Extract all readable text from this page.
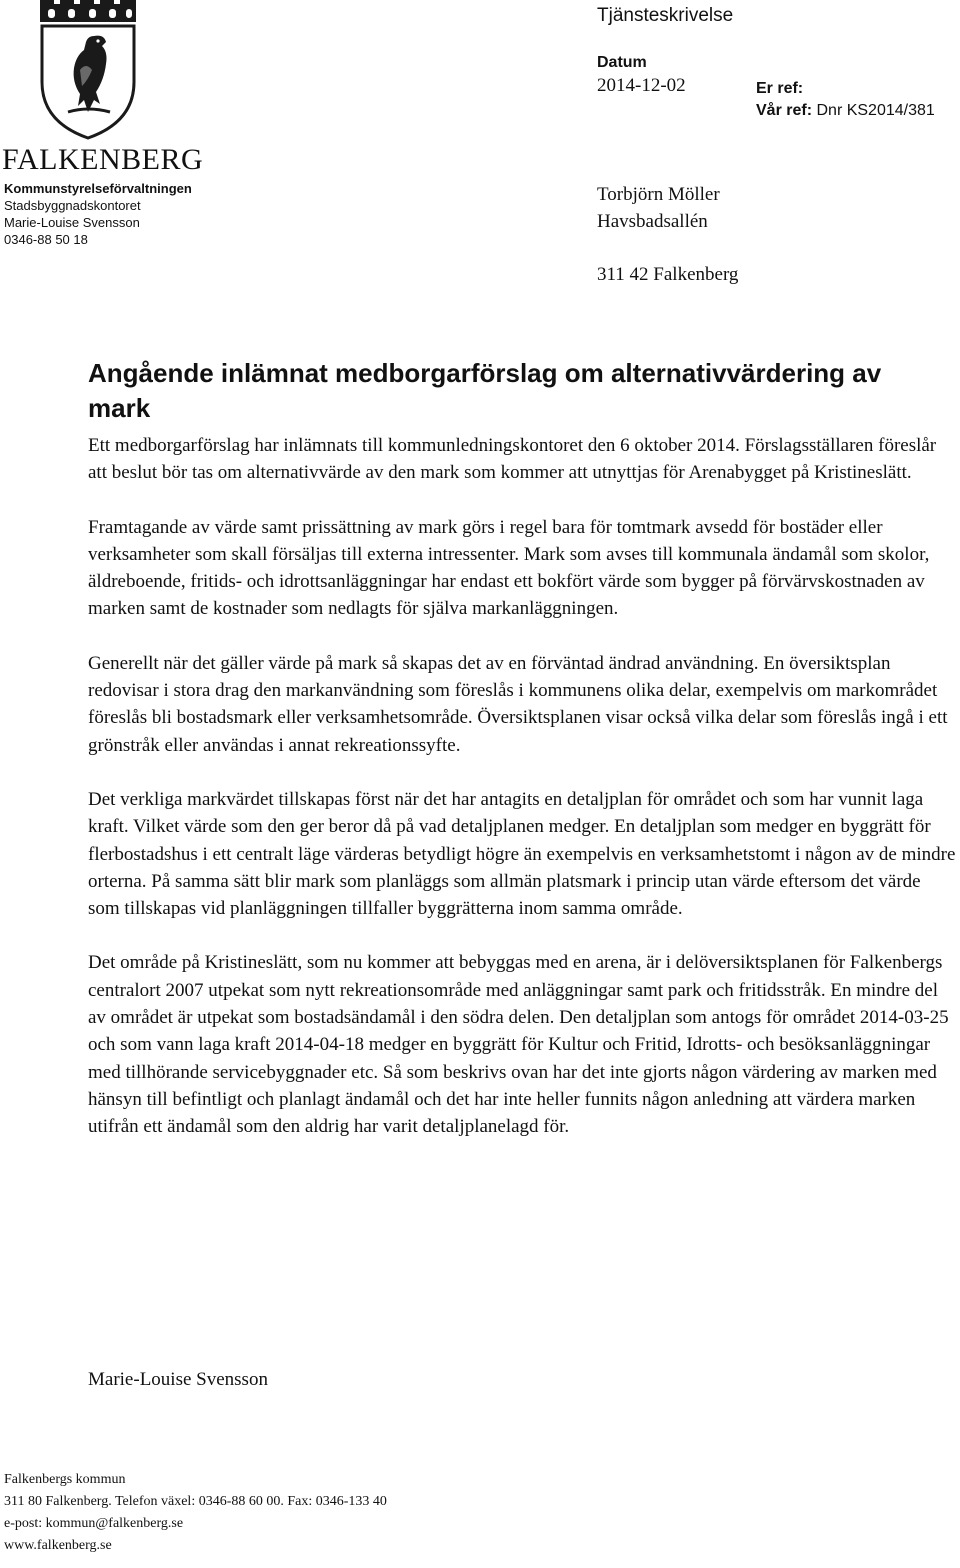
FALKENBERG
Kommunstyrelseförvaltningen
Stadsbyggnadskontoret
Marie-Louise Svensson
0346-88 50 18
Tjänsteskrivelse
Datum
2014-12-02	Er ref:
Vår ref: Dnr KS2014/381
Torbjörn Möller
Havsbadsallén
311 42 Falkenberg
Angående inlämnat medborgarförslag om alternativvärdering av mark

Ett medborgarförslag har inlämnats till kommunledningskontoret den 6 oktober 2014. Förslagsställaren föreslår att beslut bör tas om alternativvärde av den mark som kommer att utnyttjas för Arenabygget på Kristineslätt.

Framtagande av värde samt prissättning av mark görs i regel bara för tomtmark avsedd för bostäder eller verksamheter som skall försäljas till externa intressenter. Mark som avses till kommunala ändamål som skolor, äldreboende, fritids- och idrottsanläggningar har endast ett bokfört värde som bygger på förvärvskostnaden av marken samt de kostnader som nedlagts för själva markanläggningen.

Generellt när det gäller värde på mark så skapas det av en förväntad ändrad användning. En översiktsplan redovisar i stora drag den markanvändning som föreslås i kommunens olika delar, exempelvis om markområdet föreslås bli bostadsmark eller verksamhetsområde. Översiktsplanen visar också vilka delar som föreslås ingå i ett grönstråk eller användas i annat rekreationssyfte.

Det verkliga markvärdet tillskapas först när det har antagits en detaljplan för området och som har vunnit laga kraft. Vilket värde som den ger beror då på vad detaljplanen medger. En detaljplan som medger en byggrätt för flerbostadshus i ett centralt läge värderas betydligt högre än exempelvis en verksamhetstomt i någon av de mindre orterna. På samma sätt blir mark som planläggs som allmän platsmark i princip utan värde eftersom det värde som tillskapas vid planläggningen tillfaller byggrätterna inom samma område.

Det område på Kristineslätt, som nu kommer att bebyggas med en arena, är i delöversiktsplanen för Falkenbergs centralort 2007 utpekat som nytt rekreationsområde med anläggningar samt park och fritidsstråk. En mindre del av området är utpekat som bostadsändamål i den södra delen. Den detaljplan som antogs för området 2014-03-25 och som vann laga kraft 2014-04-18 medger en byggrätt för Kultur och Fritid, Idrotts- och besöksanläggningar med tillhörande servicebyggnader etc. Så som beskrivs ovan har det inte gjorts någon värdering av marken med hänsyn till befintligt och planlagt ändamål och det har inte heller funnits någon anledning att värdera marken utifrån ett ändamål som den aldrig har varit detaljplanelagd för.

Marie-Louise Svensson
Falkenbergs kommun
311 80 Falkenberg. Telefon växel: 0346-88 60 00. Fax: 0346-133 40
e-post: kommun@falkenberg.se
www.falkenberg.se
